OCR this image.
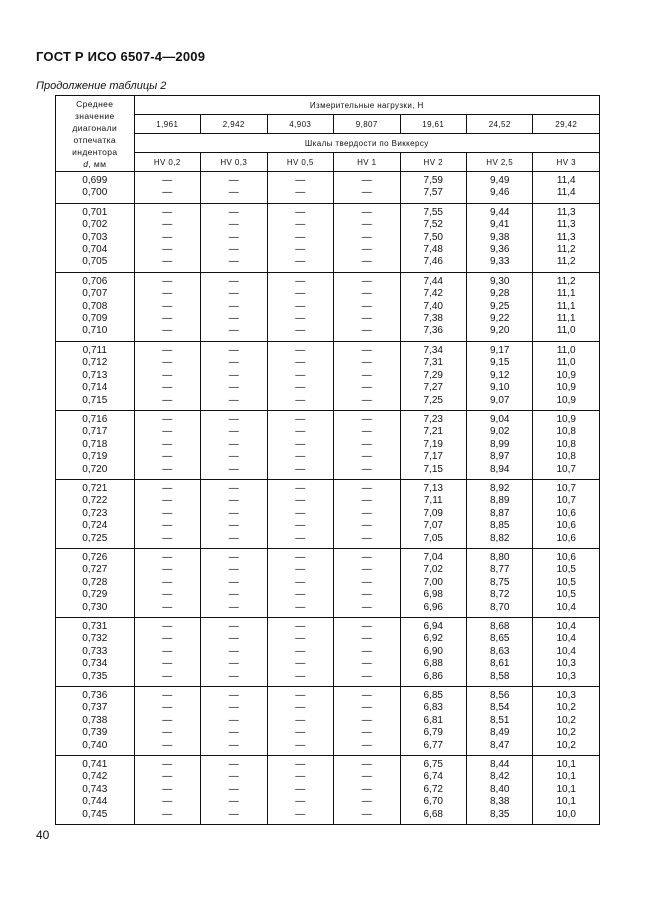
ГОСТ Р ИСО 6507-4—2009
Продолжение таблицы 2
Среднее
значение
диагонали
отпечатка
индентора
d, мм	Измерительные нагрузки, Н
	1,961	2,942	4,903	9,807	19,61	24,52	29,42
	Шкалы твердости по Виккерсу						
	HV 0,2	HV 0,3	HV 0,5	HV 1	HV 2	HV 2,5	HV 3
0,699	—	—	—	—	7,59	9,49	11,4
0,700	—	—	—	—	7,57	9,46	11,4
0,701	—	—	—	—	7,55	9,44	11,3
0,702	—	—	—	—	7,52	9,41	11,3
0,703	—	—	—	—	7,50	9,38	11,3
0,704	—	—	—	—	7,48	9,36	11,2
0,705	—	—	—	—	7,46	9,33	11,2
0,706	—	—	—	—	7,44	9,30	11,2
0,707	—	—	—	—	7,42	9,28	11,1
0,708	—	—	—	—	7,40	9,25	11,1
0,709	—	—	—	—	7,38	9,22	11,1
0,710	—	—	—	—	7,36	9,20	11,0
0,711	—	—	—	—	7,34	9,17	11,0
0,712	—	—	—	—	7,31	9,15	11,0
0,713	—	—	—	—	7,29	9,12	10,9
0,714	—	—	—	—	7,27	9,10	10,9
0,715	—	—	—	—	7,25	9,07	10,9
0,716	—	—	—	—	7,23	9,04	10,9
0,717	—	—	—	—	7,21	9,02	10,8
0,718	—	—	—	—	7,19	8,99	10,8
0,719	—	—	—	—	7,17	8,97	10,8
0,720	—	—	—	—	7,15	8,94	10,7
0,721	—	—	—	—	7,13	8,92	10,7
0,722	—	—	—	—	7,11	8,89	10,7
0,723	—	—	—	—	7,09	8,87	10,6
0,724	—	—	—	—	7,07	8,85	10,6
0,725	—	—	—	—	7,05	8,82	10,6
0,726	—	—	—	—	7,04	8,80	10,6
0,727	—	—	—	—	7,02	8,77	10,5
0,728	—	—	—	—	7,00	8,75	10,5
0,729	—	—	—	—	6,98	8,72	10,5
0,730	—	—	—	—	6,96	8,70	10,4
0,731	—	—	—	—	6,94	8,68	10,4
0,732	—	—	—	—	6,92	8,65	10,4
0,733	—	—	—	—	6,90	8,63	10,4
0,734	—	—	—	—	6,88	8,61	10,3
0,735	—	—	—	—	6,86	8,58	10,3
0,736	—	—	—	—	6,85	8,56	10,3
0,737	—	—	—	—	6,83	8,54	10,2
0,738	—	—	—	—	6,81	8,51	10,2
0,739	—	—	—	—	6,79	8,49	10,2
0,740	—	—	—	—	6,77	8,47	10,2
0,741	—	—	—	—	6,75	8,44	10,1
0,742	—	—	—	—	6,74	8,42	10,1
0,743	—	—	—	—	6,72	8,40	10,1
0,744	—	—	—	—	6,70	8,38	10,1
0,745	—	—	—	—	6,68	8,35	10,0
40
